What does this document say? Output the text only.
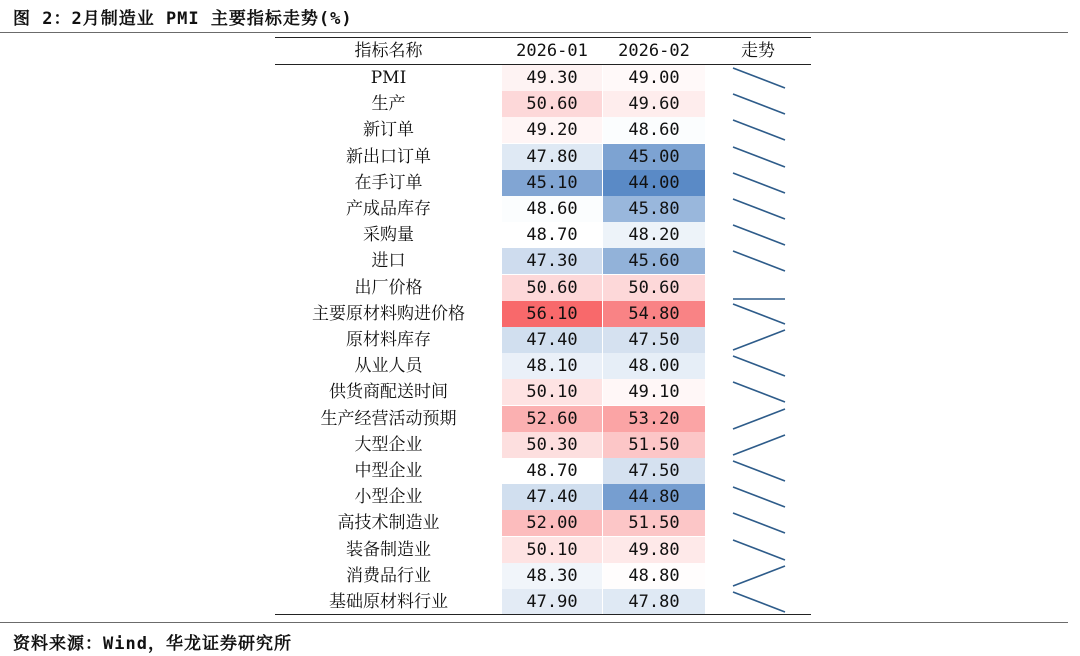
图 2：2月制造业 PMI 主要指标走势(%)
指标名称	2026-01	2026-02	走势
PMI	49.30	49.00
生产	50.60	49.60
新订单	49.20	48.60
新出口订单	47.80	45.00
在手订单	45.10	44.00
产成品库存	48.60	45.80
采购量	48.70	48.20
进口	47.30	45.60
出厂价格	50.60	50.60
主要原材料购进价格	56.10	54.80
原材料库存	47.40	47.50
从业人员	48.10	48.00
供货商配送时间	50.10	49.10
生产经营活动预期	52.60	53.20
大型企业	50.30	51.50
中型企业	48.70	47.50
小型企业	47.40	44.80
高技术制造业	52.00	51.50
装备制造业	50.10	49.80
消费品行业	48.30	48.80
基础原材料行业	47.90	47.80
资料来源：Wind，华龙证券研究所
